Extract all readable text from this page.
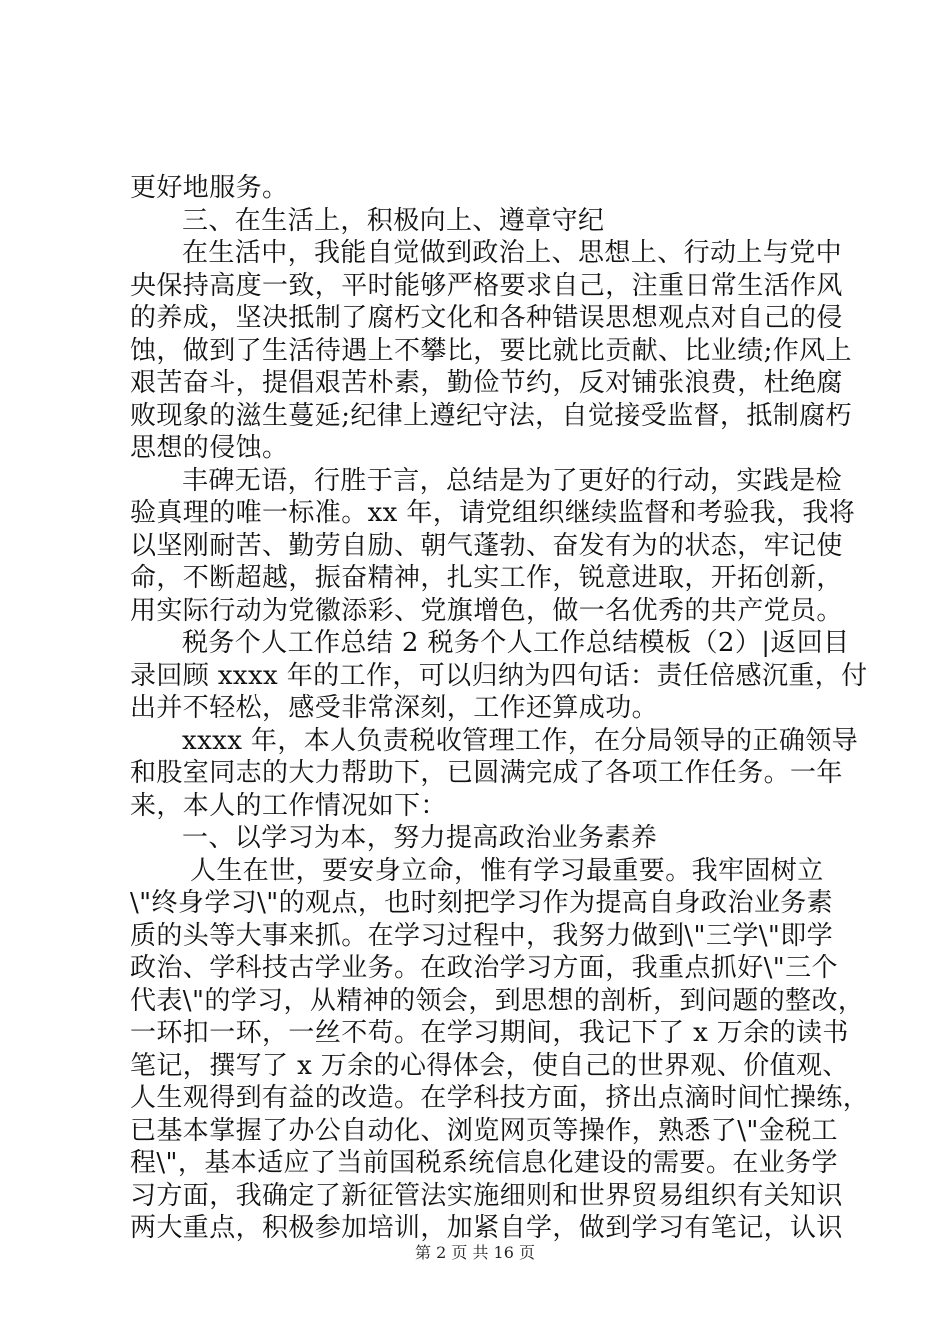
更好地服务。
三、在生活上，积极向上、遵章守纪
在生活中，我能自觉做到政治上、思想上、行动上与党中
央保持高度一致，平时能够严格要求自己，注重日常生活作风
的养成，坚决抵制了腐朽文化和各种错误思想观点对自己的侵
蚀，做到了生活待遇上不攀比，要比就比贡献、比业绩;作风上
艰苦奋斗，提倡艰苦朴素，勤俭节约，反对铺张浪费，杜绝腐
败现象的滋生蔓延;纪律上遵纪守法，自觉接受监督，抵制腐朽
思想的侵蚀。
丰碑无语，行胜于言，总结是为了更好的行动，实践是检
验真理的唯一标准。xx 年，请党组织继续监督和考验我，我将
以坚刚耐苦、勤劳自励、朝气蓬勃、奋发有为的状态，牢记使
命，不断超越，振奋精神，扎实工作，锐意进取，开拓创新，
用实际行动为党徽添彩、党旗增色，做一名优秀的共产党员。
税务个人工作总结 2 税务个人工作总结模板（2）|返回目
录回顾 xxxx 年的工作，可以归纳为四句话：责任倍感沉重，付
出并不轻松，感受非常深刻，工作还算成功。
xxxx 年，本人负责税收管理工作，在分局领导的正确领导
和股室同志的大力帮助下，已圆满完成了各项工作任务。一年
来，本人的工作情况如下：
一、以学习为本，努力提高政治业务素养
人生在世，要安身立命，惟有学习最重要。我牢固树立
\"终身学习\"的观点，也时刻把学习作为提高自身政治业务素
质的头等大事来抓。在学习过程中，我努力做到\"三学\"即学
政治、学科技古学业务。在政治学习方面，我重点抓好\"三个
代表\"的学习，从精神的领会，到思想的剖析，到问题的整改，
一环扣一环，一丝不苟。在学习期间，我记下了 x 万余的读书
笔记，撰写了 x 万余的心得体会，使自己的世界观、价值观、
人生观得到有益的改造。在学科技方面，挤出点滴时间忙操练，
已基本掌握了办公自动化、浏览网页等操作，熟悉了\"金税工
程\"，基本适应了当前国税系统信息化建设的需要。在业务学
习方面，我确定了新征管法实施细则和世界贸易组织有关知识
两大重点，积极参加培训，加紧自学，做到学习有笔记，认识
第 2 页 共 16 页
